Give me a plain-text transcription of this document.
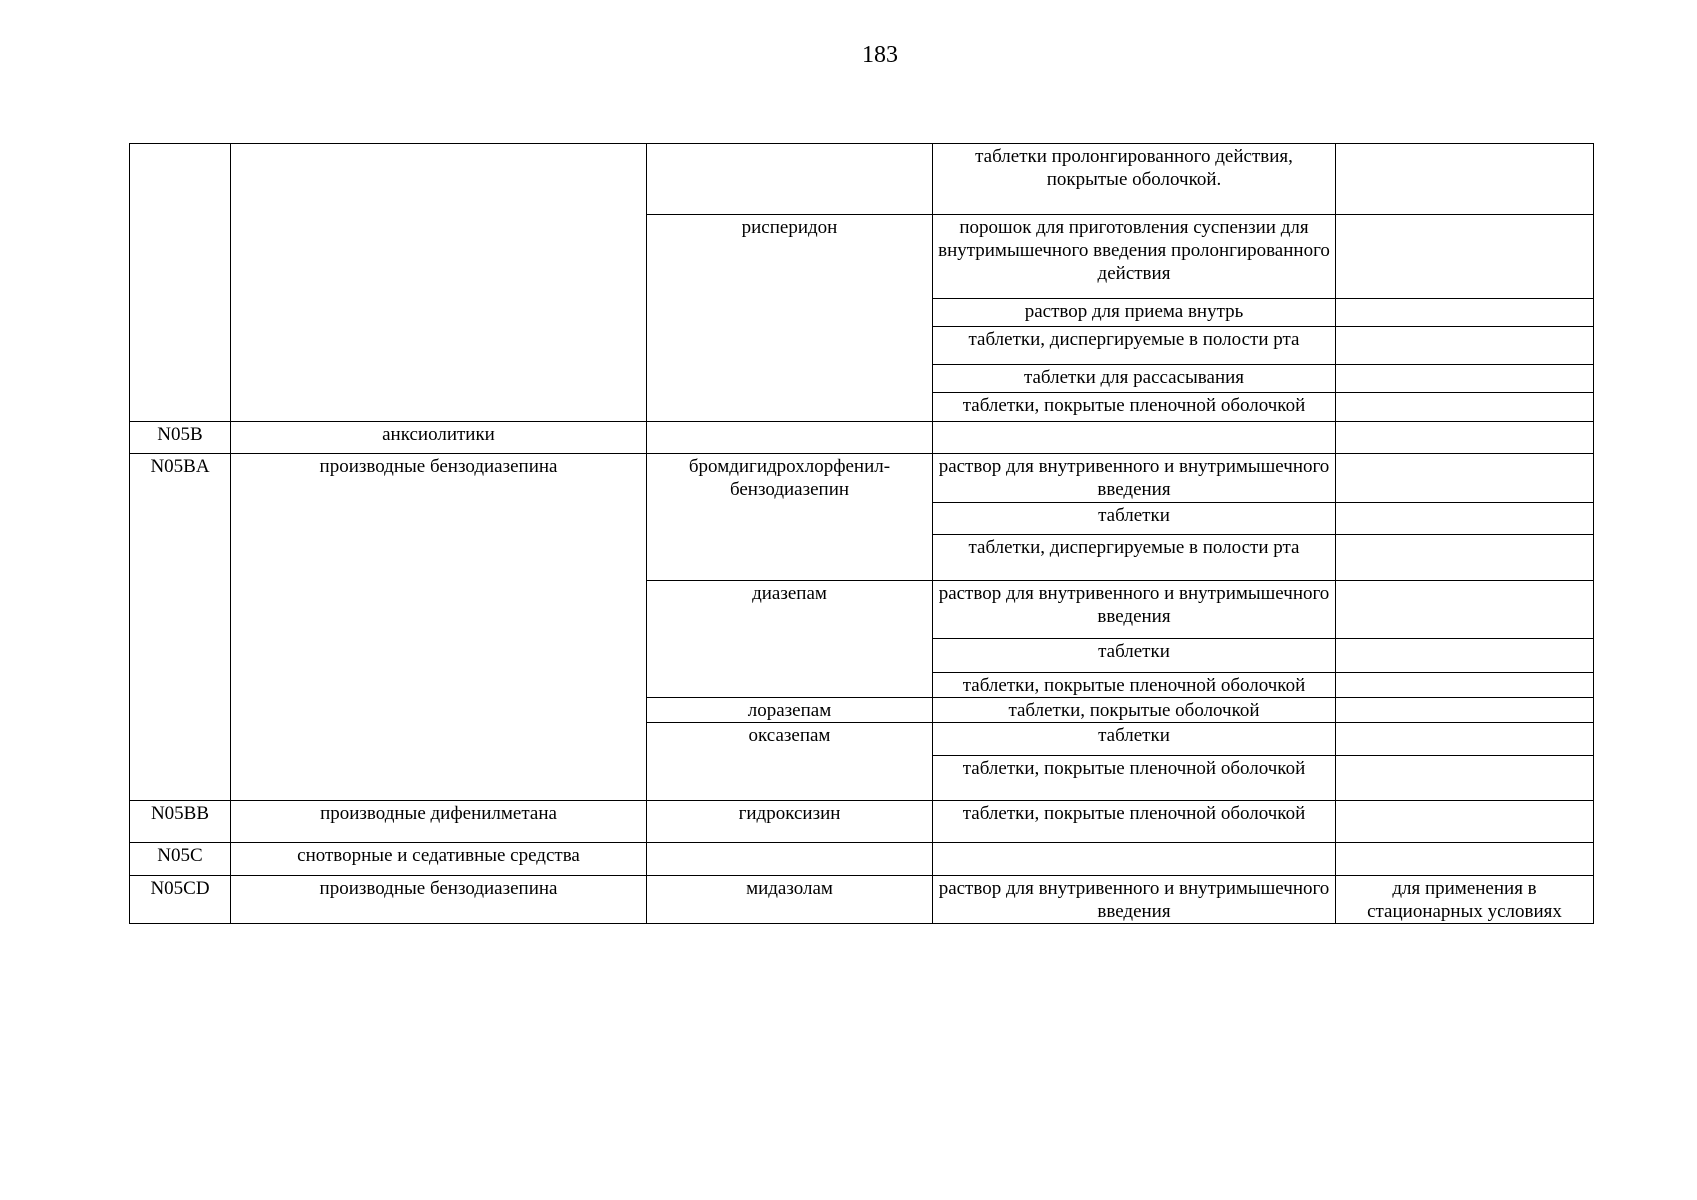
183
			таблетки пролонгированного действия, покрытые оболочкой.	
		рисперидон	порошок для приготовления суспензии для внутримышечного введения пролонгированного действия	
			раствор для приема внутрь	
			таблетки, диспергируемые в полости рта	
			таблетки для рассасывания	
			таблетки, покрытые пленочной оболочкой	
N05B	анксиолитики			
N05BA	производные бензодиазепина	бромдигидрохлорфенил-бензодиазепин	раствор для внутривенного и внутримышечного введения	
			таблетки	
			таблетки, диспергируемые в полости рта	
		диазепам	раствор для внутривенного и внутримышечного введения	
			таблетки	
			таблетки, покрытые пленочной оболочкой	
		лоразепам	таблетки, покрытые оболочкой	
		оксазепам	таблетки	
			таблетки, покрытые пленочной оболочкой	
N05BB	производные дифенилметана	гидроксизин	таблетки, покрытые пленочной оболочкой	
N05C	снотворные и седативные средства			
N05CD	производные бензодиазепина	мидазолам	раствор для внутривенного и внутримышечного введения	для применения в стационарных условиях
